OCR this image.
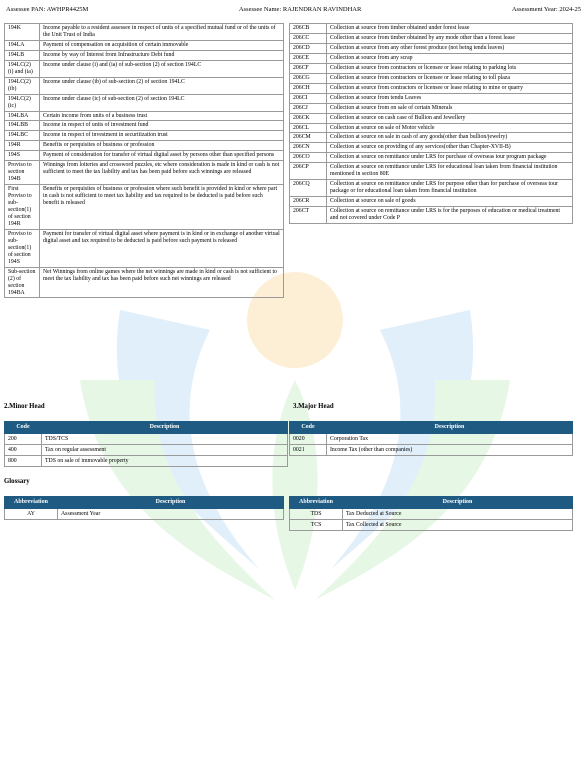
Assessee PAN: AWHPR4425M	Assessee Name: RAJENDRAN RAVINDHAR	Assessment Year: 2024-25
194K	Income payable to a resident assessee in respect of units of a specified mutual fund or of the units of the Unit Trust of India
194LA	Payment of compensation on acquisition of certain immovable
194LB	Income by way of Interest from Infrastructure Debt fund
194LC(2)(i) and (ia)	Income under clause (i) and (ia) of sub-section (2) of section 194LC
194LC(2)(ib)	Income under clause (ib) of sub-section (2) of section 194LC
194LC(2)(ic)	Income under clause (ic) of sub-section (2) of section 194LC
194LBA	Certain income from units of a business trust
194LBB	Income in respect of units of investment fund
194LBC	Income in respect of investment in securitization trust
194R	Benefits or perquisites of business or profession
194S	Payment of consideration for transfer of virtual digital asset by persons other than specified persons
Proviso to section 194B	Winnings from lotteries and crossword puzzles, etc where consideration is made in kind or cash is not sufficient to meet the tax liability and tax has been paid before such winnings are released
First Proviso to sub-section(1) of section 194R	Benefits or perquisites of business or profession where such benefit is provided in kind or where part in cash is not sufficient to meet tax liability and tax required to be deducted is paid before such benefit is released
Proviso to sub-section(1) of section 194S	Payment for transfer of virtual digital asset where payment is in kind or in exchange of another virtual digital asset and tax required to be deducted is paid before such payment is released
Sub-section (2) of section 194BA	Net Winnings from online games where the net winnings are made in kind or cash is not sufficient to meet the tax liability and tax has been paid before such net winnings are released
206CB	Collection at source from timber obtained under forest lease
206CC	Collection at source from timber obtained by any mode other than a forest lease
206CD	Collection at source from any other forest produce (not being tendu leaves)
206CE	Collection at source from any scrap
206CF	Collection at source from contractors or licensee or lease relating to parking lots
206CG	Collection at source from contractors or licensee or lease relating to toll plaza
206CH	Collection at source from contractors or licensee or lease relating to mine or quarry
206CI	Collection at source from tendu Leaves
206CJ	Collection at source from on sale of certain Minerals
206CK	Collection at source on cash case of Bullion and Jewellery
206CL	Collection at source on sale of Motor vehicle
206CM	Collection at source on sale in cash of any goods(other than bullion/jewelry)
206CN	Collection at source on providing of any services(other than Chapter-XVII-B)
206CO	Collection at source on remittance under LRS for purchase of overseas tour program package
206CP	Collection at source on remittance under LRS for educational loan taken from financial institution mentioned in section 80E
206CQ	Collection at source on remittance under LRS for purpose other than for purchase of overseas tour package or for educational loan taken from financial institution
206CR	Collection at source on sale of goods
206CT	Collection at source on remittance under LRS is for the purposes of education or medical treatment and not covered under Code P
2.Minor Head	3.Major Head
Code	Description
200	TDS/TCS
400	Tax on regular assessment
800	TDS on sale of immovable property
Code	Description
0020	Corporation Tax
0021	Income Tax (other than companies)
Glossary
Abbreviation	Description
AY	Assessment Year
Abbreviation	Description
TDS	Tax Deducted at Source
TCS	Tax Collected at Source
